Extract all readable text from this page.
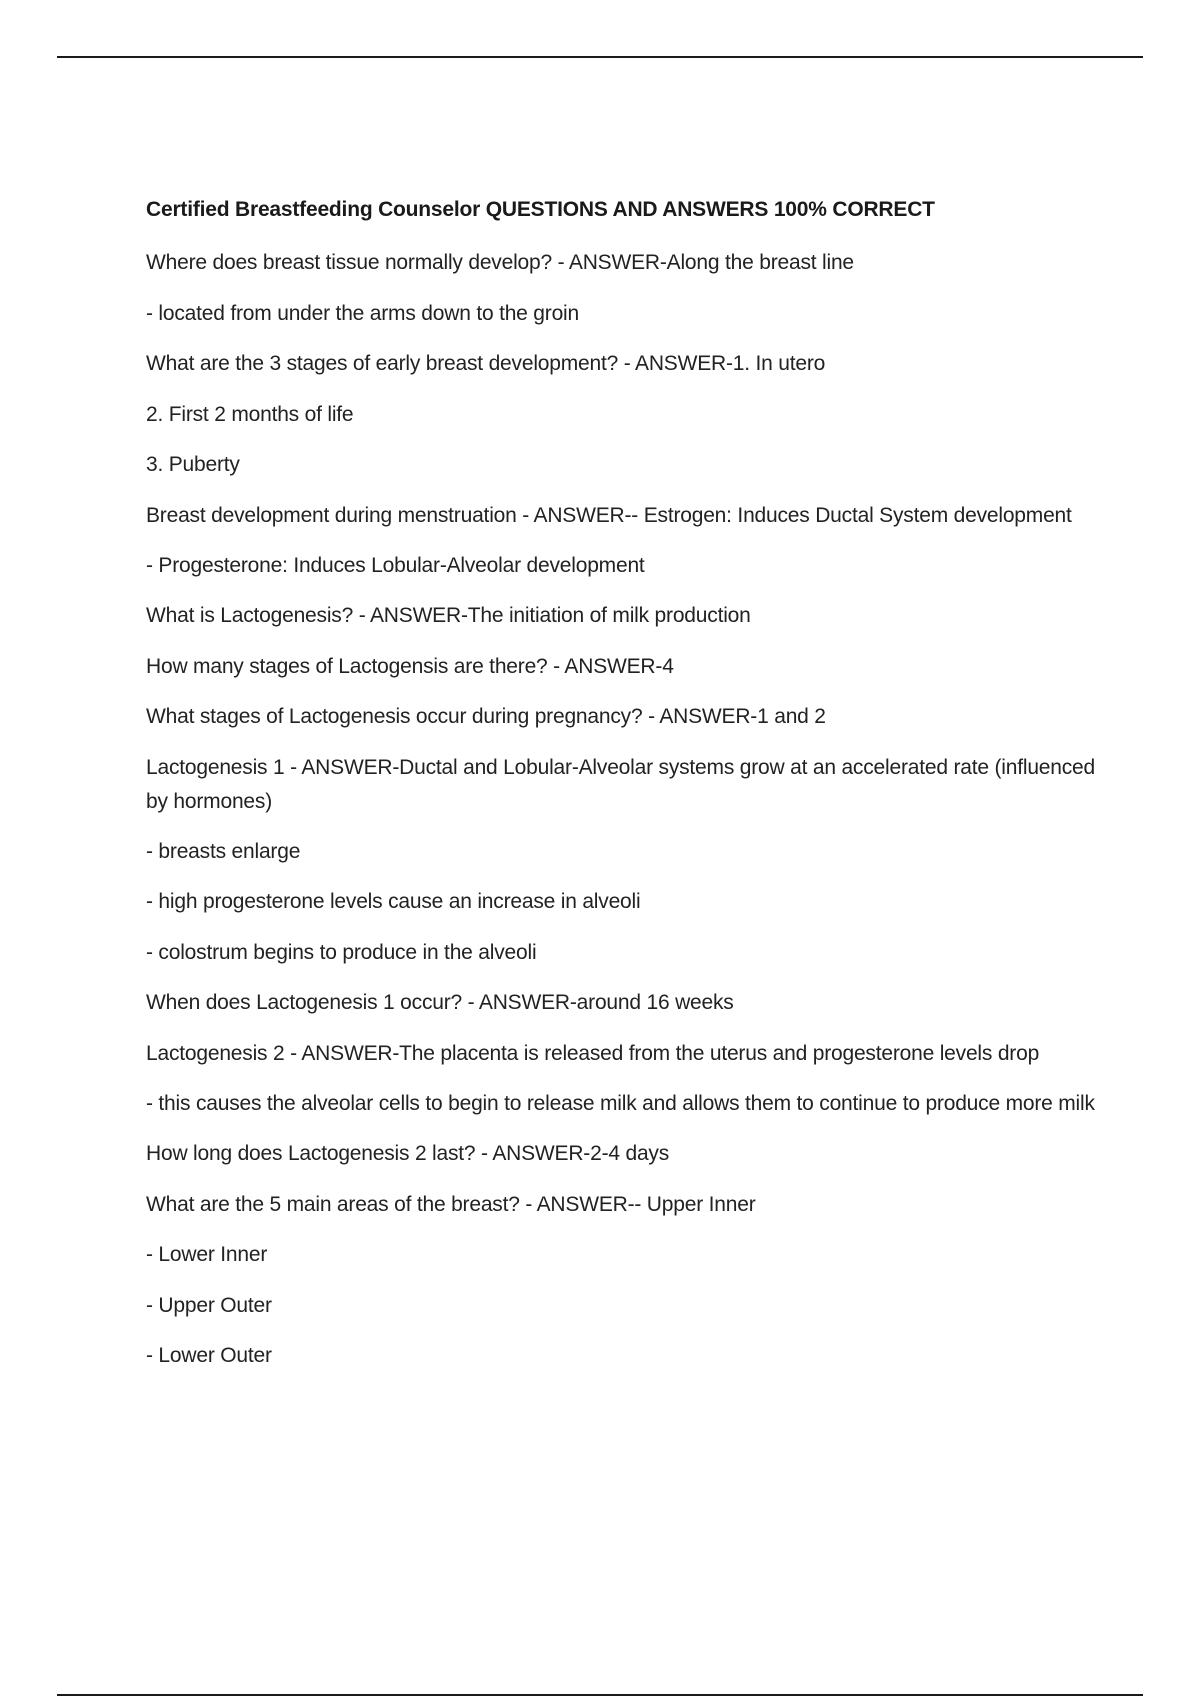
Certified Breastfeeding Counselor QUESTIONS AND ANSWERS 100% CORRECT
Where does breast tissue normally develop? - ANSWER-Along the breast line
- located from under the arms down to the groin
What are the 3 stages of early breast development? - ANSWER-1. In utero
2. First 2 months of life
3. Puberty
Breast development during menstruation - ANSWER-- Estrogen: Induces Ductal System development
- Progesterone: Induces Lobular-Alveolar development
What is Lactogenesis? - ANSWER-The initiation of milk production
How many stages of Lactogensis are there? - ANSWER-4
What stages of Lactogenesis occur during pregnancy? - ANSWER-1 and 2
Lactogenesis 1 - ANSWER-Ductal and Lobular-Alveolar systems grow at an accelerated rate (influenced by hormones)
- breasts enlarge
- high progesterone levels cause an increase in alveoli
- colostrum begins to produce in the alveoli
When does Lactogenesis 1 occur? - ANSWER-around 16 weeks
Lactogenesis 2 - ANSWER-The placenta is released from the uterus and progesterone levels drop
- this causes the alveolar cells to begin to release milk and allows them to continue to produce more milk
How long does Lactogenesis 2 last? - ANSWER-2-4 days
What are the 5 main areas of the breast? - ANSWER-- Upper Inner
- Lower Inner
- Upper Outer
- Lower Outer
